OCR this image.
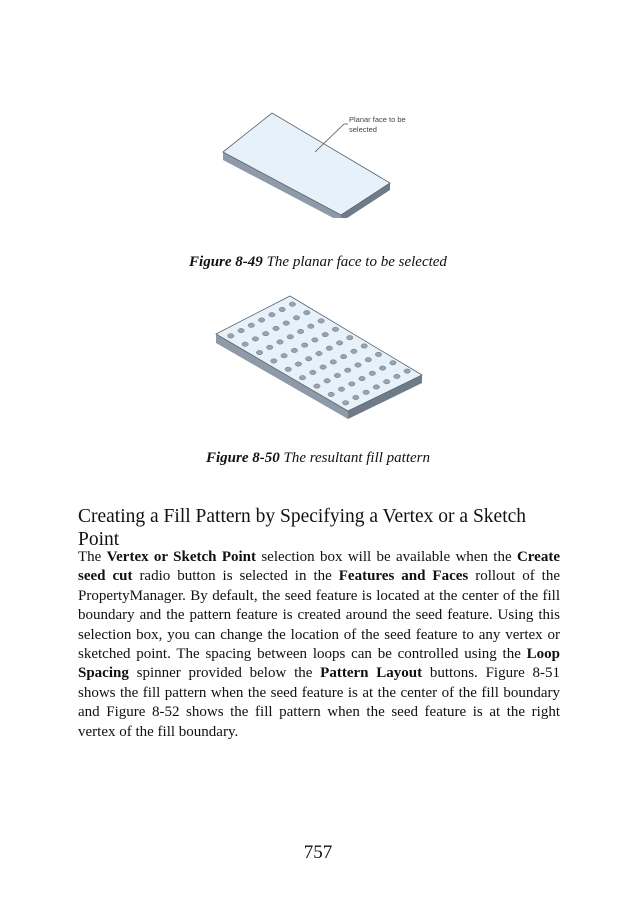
Planar face to be
selected
Figure 8-49 The planar face to be selected
Figure 8-50 The resultant fill pattern
Creating a Fill Pattern by Specifying a Vertex or a Sketch Point

The Vertex or Sketch Point selection box will be available when the Create seed cut radio button is selected in the Features and Faces rollout of the PropertyManager. By default, the seed feature is located at the center of the fill boundary and the pattern feature is created around the seed feature. Using this selection box, you can change the location of the seed feature to any vertex or sketched point. The spacing between loops can be controlled using the Loop Spacing spinner provided below the Pattern Layout buttons. Figure 8-51 shows the fill pattern when the seed feature is at the center of the fill boundary and Figure 8-52 shows the fill pattern when the seed feature is at the right vertex of the fill boundary.

757
